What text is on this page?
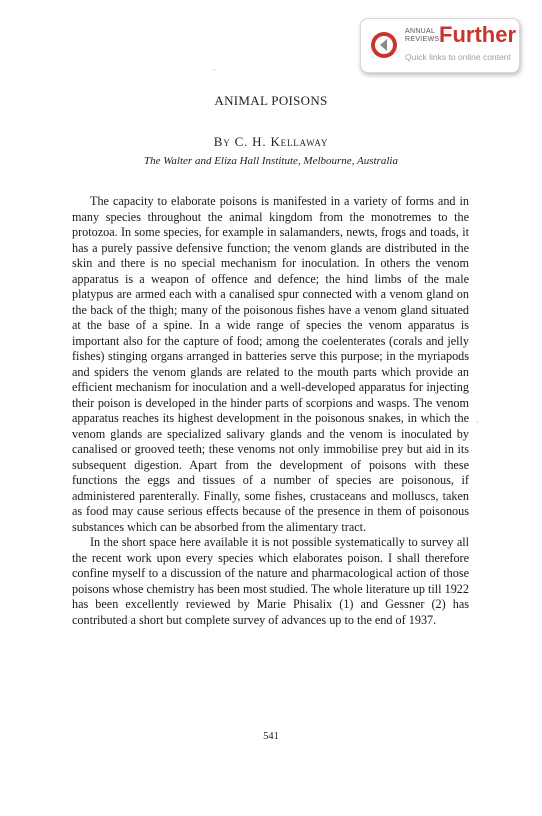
ANNUAL
REVIEWS Further
Quick links to online content
·
·
ANIMAL POISONS
By C. H. Kellaway
The Walter and Eliza Hall Institute, Melbourne, Australia

The capacity to elaborate poisons is manifested in a variety of forms and in many species throughout the animal kingdom from the monotremes to the protozoa. In some species, for example in salamanders, newts, frogs and toads, it has a purely passive defensive function; the venom glands are distributed in the skin and there is no special mechanism for inoculation. In others the venom apparatus is a weapon of offence and defence; the hind limbs of the male platypus are armed each with a canalised spur connected with a venom gland on the back of the thigh; many of the poisonous fishes have a venom gland situated at the base of a spine. In a wide range of species the venom apparatus is important also for the capture of food; among the coelenterates (corals and jelly fishes) stinging organs arranged in batteries serve this purpose; in the myriapods and spiders the venom glands are related to the mouth parts which provide an efficient mechanism for inoculation and a well-developed apparatus for injecting their poison is developed in the hinder parts of scorpions and wasps. The venom apparatus reaches its highest development in the poisonous snakes, in which the venom glands are specialized salivary glands and the venom is inoculated by canalised or grooved teeth; these venoms not only immobilise prey but aid in its subsequent digestion. Apart from the development of poisons with these functions the eggs and tissues of a number of species are poisonous, if administered parenterally. Finally, some fishes, crustaceans and molluscs, taken as food may cause serious effects because of the presence in them of poisonous substances which can be absorbed from the alimentary tract.

In the short space here available it is not possible systematically to survey all the recent work upon every species which elaborates poison. I shall therefore confine myself to a discussion of the nature and pharmacological action of those poisons whose chemistry has been most studied. The whole literature up till 1922 has been excellently reviewed by Marie Phisalix (1) and Gessner (2) has contributed a short but complete survey of advances up to the end of 1937.

541
